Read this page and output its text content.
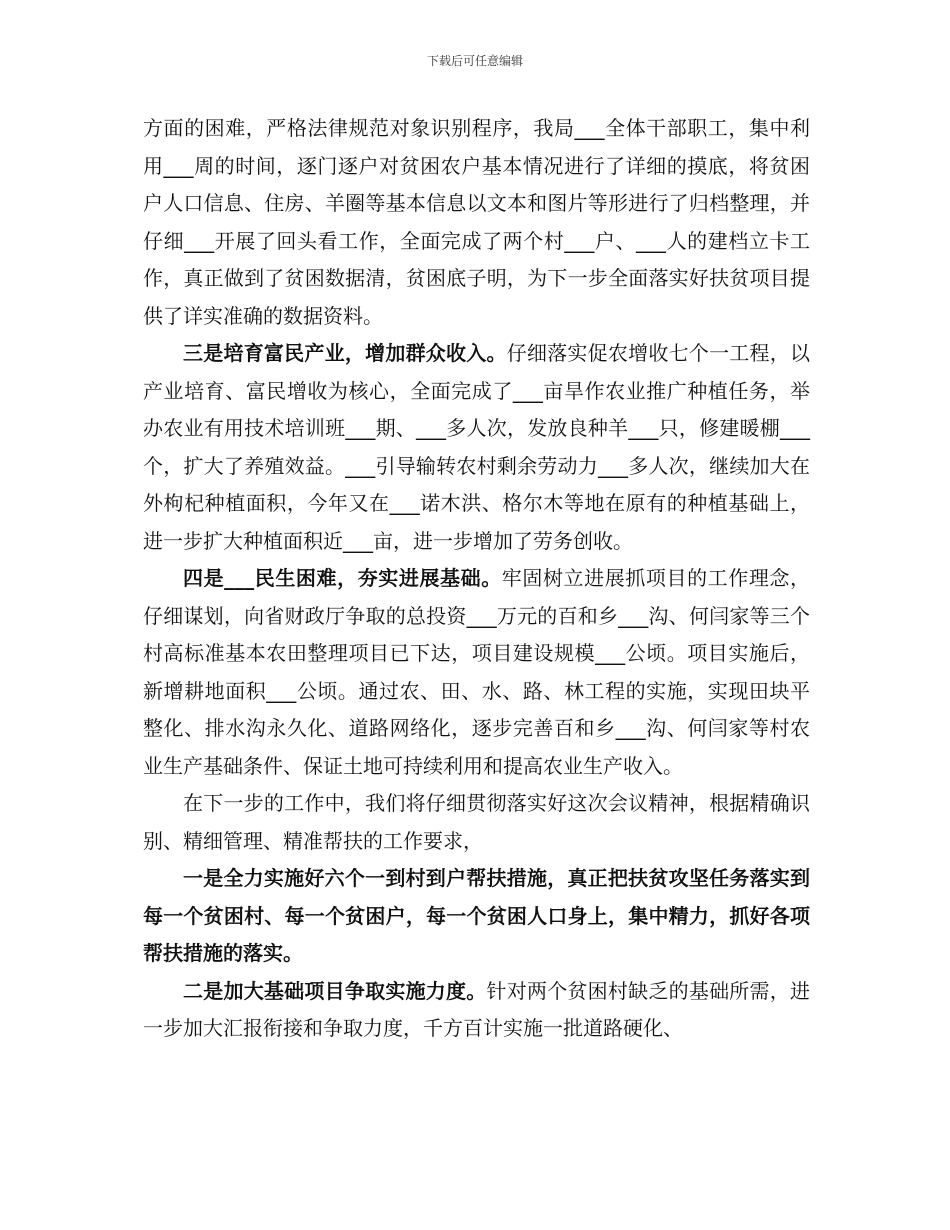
下载后可任意编辑

方面的困难，严格法律规范对象识别程序，我局___全体干部职工，集中利用___周的时间，逐门逐户对贫困农户基本情况进行了详细的摸底，将贫困户人口信息、住房、羊圈等基本信息以文本和图片等形进行了归档整理，并仔细___开展了回头看工作，全面完成了两个村___户、___人的建档立卡工作，真正做到了贫困数据清，贫困底子明，为下一步全面落实好扶贫项目提供了详实准确的数据资料。

三是培育富民产业，增加群众收入。仔细落实促农增收七个一工程，以产业培育、富民增收为核心，全面完成了___亩旱作农业推广种植任务，举办农业有用技术培训班___期、___多人次，发放良种羊___只，修建暖棚___个，扩大了养殖效益。___引导输转农村剩余劳动力___多人次，继续加大在外枸杞种植面积，今年又在___诺木洪、格尔木等地在原有的种植基础上，进一步扩大种植面积近___亩，进一步增加了劳务创收。

四是___民生困难，夯实进展基础。牢固树立进展抓项目的工作理念，仔细谋划，向省财政厅争取的总投资___万元的百和乡___沟、何闫家等三个村高标准基本农田整理项目已下达，项目建设规模___公顷。项目实施后，新增耕地面积___公顷。通过农、田、水、路、林工程的实施，实现田块平整化、排水沟永久化、道路网络化，逐步完善百和乡___沟、何闫家等村农业生产基础条件、保证土地可持续利用和提高农业生产收入。

在下一步的工作中，我们将仔细贯彻落实好这次会议精神，根据精确识别、精细管理、精准帮扶的工作要求，

一是全力实施好六个一到村到户帮扶措施，真正把扶贫攻坚任务落实到每一个贫困村、每一个贫困户，每一个贫困人口身上，集中精力，抓好各项帮扶措施的落实。

二是加大基础项目争取实施力度。针对两个贫困村缺乏的基础所需，进一步加大汇报衔接和争取力度，千方百计实施一批道路硬化、
